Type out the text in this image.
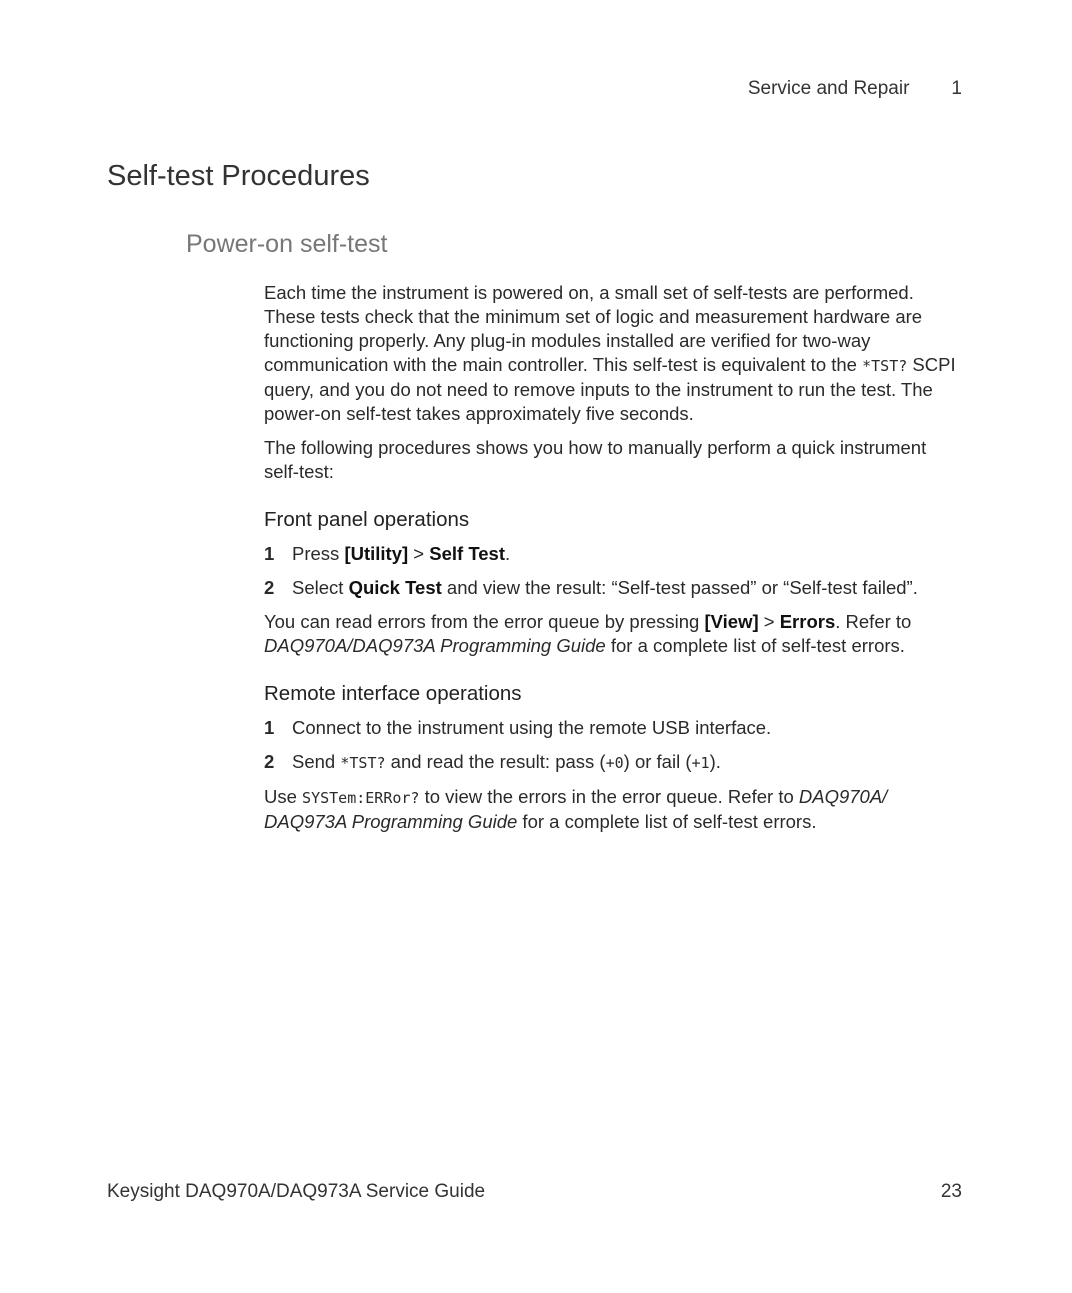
Service and Repair 1
Self-test Procedures
Power-on self-test

Each time the instrument is powered on, a small set of self-tests are performed. These tests check that the minimum set of logic and measurement hardware are functioning properly. Any plug-in modules installed are verified for two-way communication with the main controller. This self-test is equivalent to the *TST? SCPI query, and you do not need to remove inputs to the instrument to run the test. The power-on self-test takes approximately five seconds.

The following procedures shows you how to manually perform a quick instrument self-test:

Front panel operations
1 Press [Utility] > Self Test.
2 Select Quick Test and view the result: “Self-test passed” or “Self-test failed”.

You can read errors from the error queue by pressing [View] > Errors. Refer to DAQ970A/DAQ973A Programming Guide for a complete list of self-test errors.

Remote interface operations
1 Connect to the instrument using the remote USB interface.
2 Send *TST? and read the result: pass (+0) or fail (+1).

Use SYSTem:ERRor? to view the errors in the error queue. Refer to DAQ970A/ DAQ973A Programming Guide for a complete list of self-test errors.

Keysight DAQ970A/DAQ973A Service Guide	23
